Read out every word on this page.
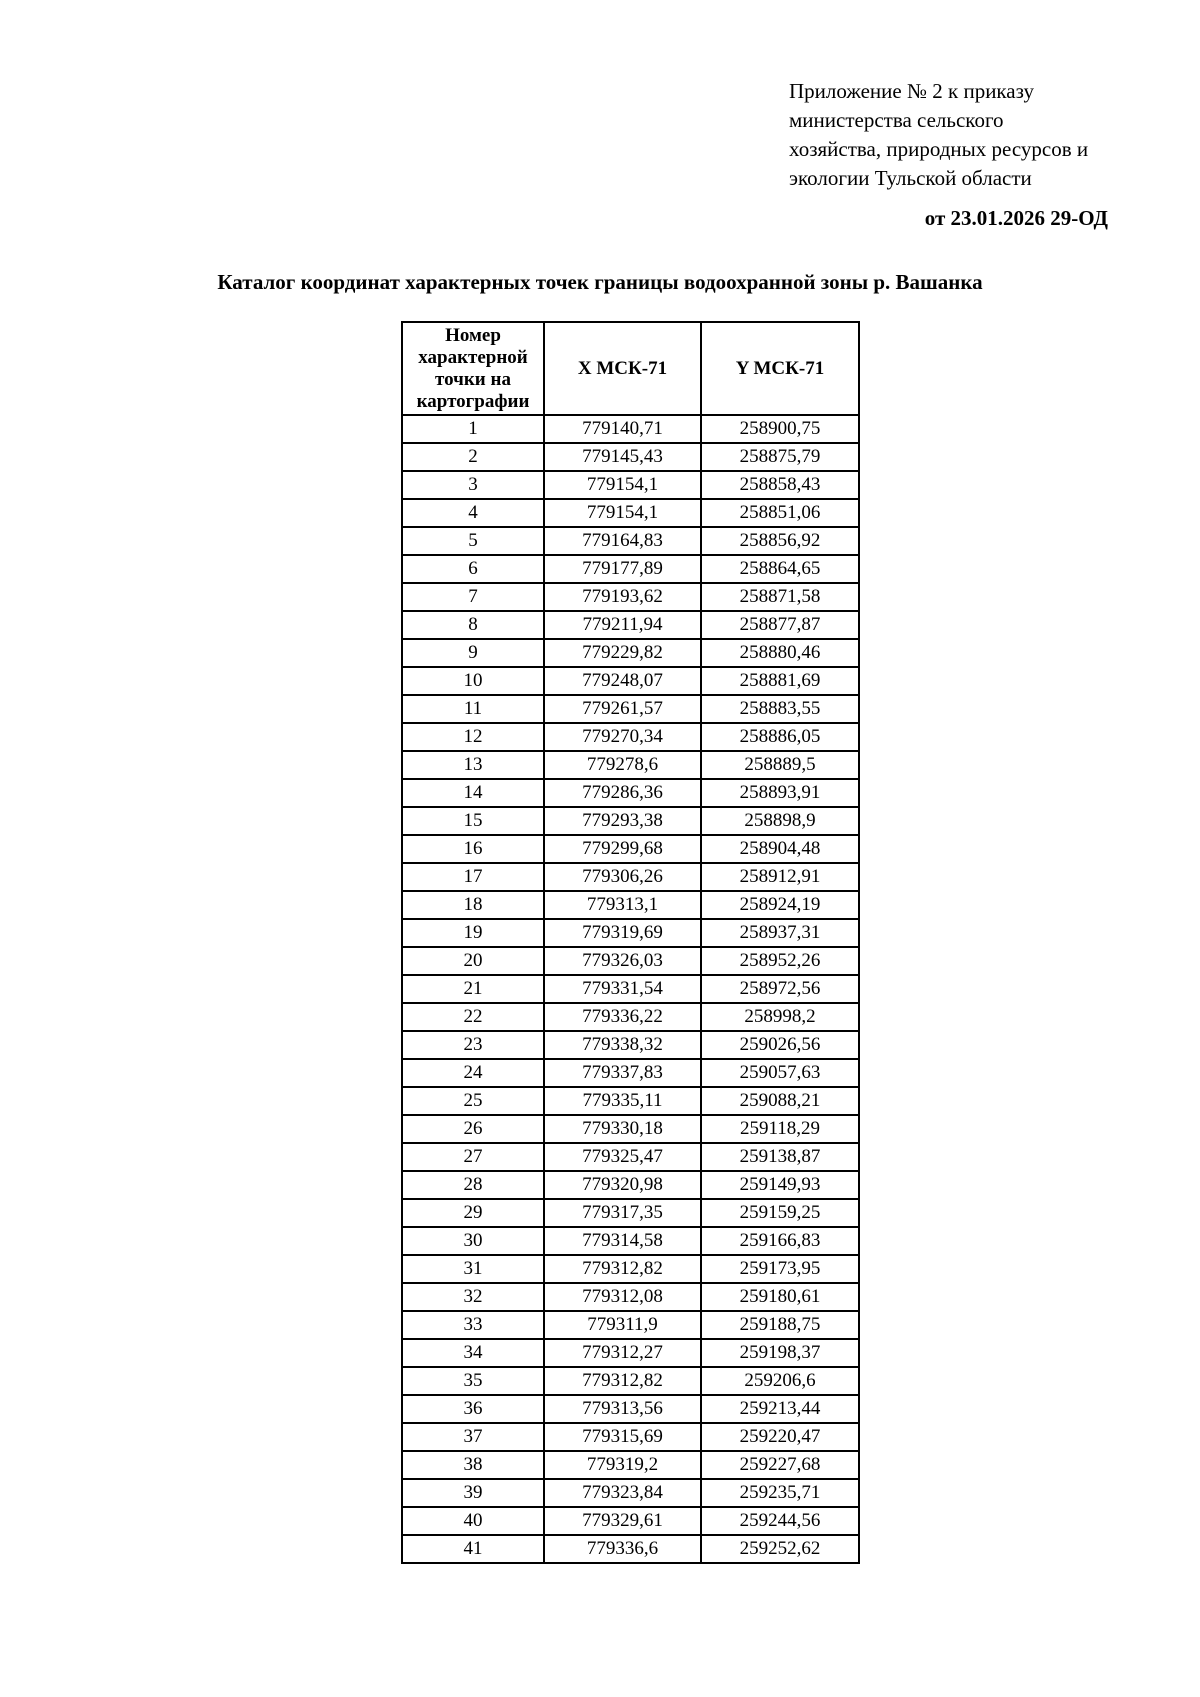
Приложение № 2 к приказу
министерства сельского
хозяйства, природных ресурсов и
экологии Тульской области
от 23.01.2026 29-ОД
Каталог координат характерных точек границы водоохранной зоны р. Вашанка
Номер
характерной
точки на
картографии	X МСК-71	Y МСК-71
1	779140,71	258900,75
2	779145,43	258875,79
3	779154,1	258858,43
4	779154,1	258851,06
5	779164,83	258856,92
6	779177,89	258864,65
7	779193,62	258871,58
8	779211,94	258877,87
9	779229,82	258880,46
10	779248,07	258881,69
11	779261,57	258883,55
12	779270,34	258886,05
13	779278,6	258889,5
14	779286,36	258893,91
15	779293,38	258898,9
16	779299,68	258904,48
17	779306,26	258912,91
18	779313,1	258924,19
19	779319,69	258937,31
20	779326,03	258952,26
21	779331,54	258972,56
22	779336,22	258998,2
23	779338,32	259026,56
24	779337,83	259057,63
25	779335,11	259088,21
26	779330,18	259118,29
27	779325,47	259138,87
28	779320,98	259149,93
29	779317,35	259159,25
30	779314,58	259166,83
31	779312,82	259173,95
32	779312,08	259180,61
33	779311,9	259188,75
34	779312,27	259198,37
35	779312,82	259206,6
36	779313,56	259213,44
37	779315,69	259220,47
38	779319,2	259227,68
39	779323,84	259235,71
40	779329,61	259244,56
41	779336,6	259252,62
